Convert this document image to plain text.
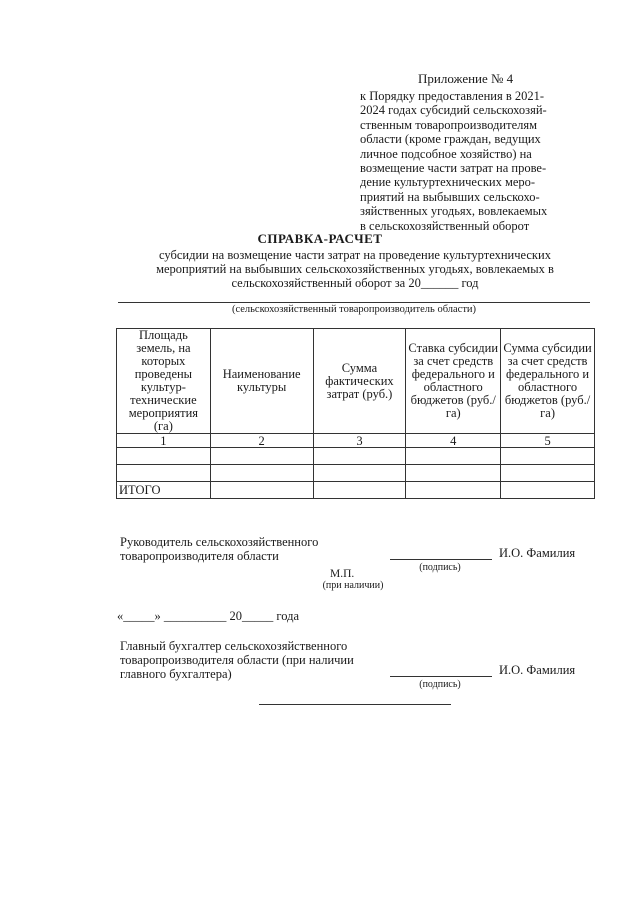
Приложение № 4
к Порядку предоставления в 2021-
2024 годах субсидий сельскохозяй-
ственным товаропроизводителям
области (кроме граждан, ведущих
личное подсобное хозяйство) на
возмещение части затрат на прове-
дение культуртехнических меро-
приятий на выбывших сельскохо-
зяйственных угодьях, вовлекаемых
в сельскохозяйственный оборот
СПРАВКА-РАСЧЕТ
субсидии на возмещение части затрат на проведение культуртехнических
мероприятий на выбывших сельскохозяйственных угодьях, вовлекаемых в
сельскохозяйственный оборот за 20______ год
(сельскохозяйственный товаропроизводитель области)
Площадь земель, на которых проведены культур-технические мероприятия (га)	Наименование культуры	Сумма фактических затрат (руб.)	Ставка субсидии за счет средств федерального и областного бюджетов (руб./га)	Сумма субсидии за счет средств федерального и областного бюджетов (руб./га)
1	2	3	4	5

ИТОГО				
Руководитель сельскохозяйственного
товаропроизводителя области	И.О. Фамилия
(подпись)
М.П.
(при наличии)
«_____» __________ 20_____ года
Главный бухгалтер сельскохозяйственного
товаропроизводителя области (при наличии
главного бухгалтера)	И.О. Фамилия
(подпись)
